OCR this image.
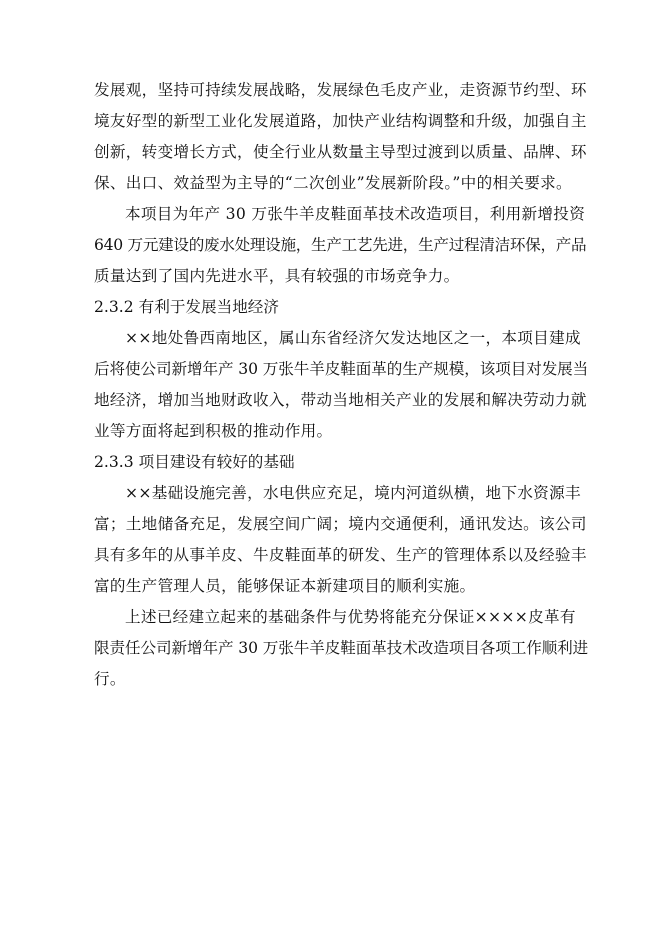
发展观，坚持可持续发展战略，发展绿色毛皮产业，走资源节约型、环
境友好型的新型工业化发展道路，加快产业结构调整和升级，加强自主
创新，转变增长方式，使全行业从数量主导型过渡到以质量、品牌、环
保、出口、效益型为主导的“二次创业”发展新阶段。”中的相关要求。
本项目为年产 30 万张牛羊皮鞋面革技术改造项目，利用新增投资
640 万元建设的废水处理设施，生产工艺先进，生产过程清洁环保，产品
质量达到了国内先进水平，具有较强的市场竞争力。
2.3.2 有利于发展当地经济
××地处鲁西南地区，属山东省经济欠发达地区之一，本项目建成
后将使公司新增年产 30 万张牛羊皮鞋面革的生产规模，该项目对发展当
地经济，增加当地财政收入，带动当地相关产业的发展和解决劳动力就
业等方面将起到积极的推动作用。
2.3.3 项目建设有较好的基础
××基础设施完善，水电供应充足，境内河道纵横，地下水资源丰
富；土地储备充足，发展空间广阔；境内交通便利，通讯发达。该公司
具有多年的从事羊皮、牛皮鞋面革的研发、生产的管理体系以及经验丰
富的生产管理人员，能够保证本新建项目的顺利实施。
上述已经建立起来的基础条件与优势将能充分保证××××皮革有
限责任公司新增年产 30 万张牛羊皮鞋面革技术改造项目各项工作顺利进
行。
